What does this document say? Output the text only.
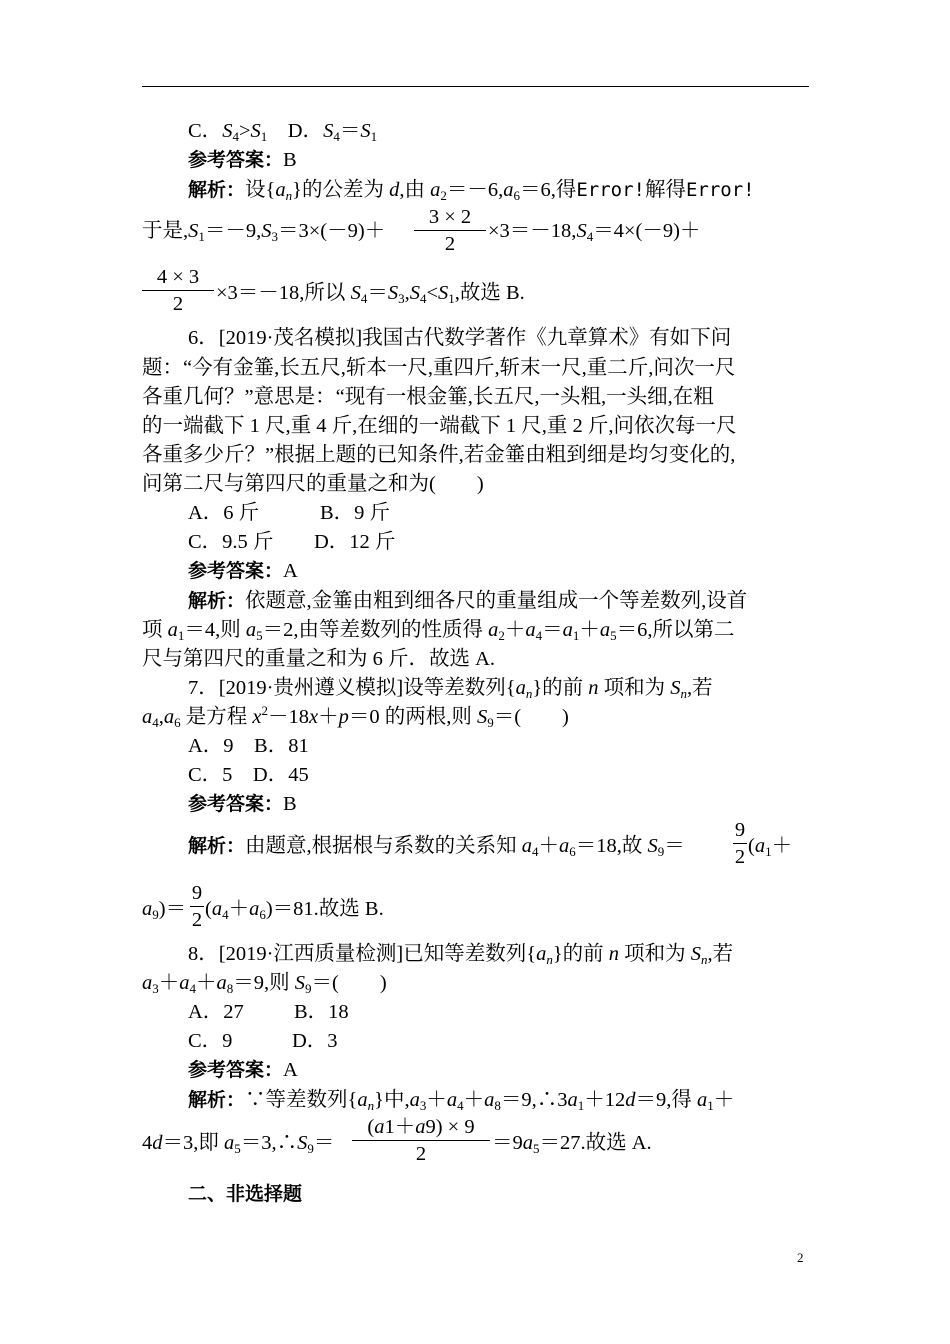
C．$S_4>S_1$　D．$S_4=S_1$
参考答案：B
解析：设$\{a_n\}$的公差为 d,由 $a_2=-6,a_6=6$,得Error!解得Error!
于是$,S_1=-9,S_3=3\times(-9)+$
3 × 2
2
$\times 3=-18,S_4=4\times(-9)+$
4 × 3
2	×3＝－18,所以 $S_4=S_3,S_4<S_1$,故选 B.
6．[2019·茂名模拟]我国古代数学著作《九章算术》有如下问
题：“今有金箠,长五尺,斩本一尺,重四斤,斩末一尺,重二斤,问次一尺
各重几何？”意思是：“现有一根金箠,长五尺,一头粗,一头细,在粗
的一端截下 1 尺,重 4 斤,在细的一端截下 1 尺,重 2 斤,问依次每一尺
各重多少斤？”根据上题的已知条件,若金箠由粗到细是均匀变化的,
问第二尺与第四尺的重量之和为(　　)
A．6 斤	B．9 斤
C．9.5 斤 D．12 斤
参考答案：A
解析：依题意,金箠由粗到细各尺的重量组成一个等差数列,设首
项 $a_1=4$,则 $a_5=2$,由等差数列的性质得 $a_2+a_4=a_1+a_5=6$,所以第二
尺与第四尺的重量之和为 6 斤．故选 A.
7．[2019·贵州遵义模拟]设等差数列$\{a_n\}$的前 n 项和为 $S_n$,若
$a_4,a_6$ 是方程 $x^2-18x+p=0$ 的两根,则 $S_9=$(　　)
A．9　B．81
C．5　D．45
参考答案：B
解析：由题意,根据根与系数的关系知 $a_4+a_6=18$,故 $S_9=$
9
2 ($a_1+$
$a_9)=$
9
2 $(a_4+a_6)=81$.故选 B.
8．[2019·江西质量检测]已知等差数列$\{a_n\}$的前 n 项和为 $S_n$,若
$a_3+a_4+a_8=9$,则 $S_9=$(　　)
A．27 B．18
C．9	D．3
参考答案：A
解析：∵等差数列$\{a_n\}$中$,a_3+a_4+a_8=9,\therefore 3a_1+12d=9$,得 $a_1+$
4d＝3,即 $a_5=3,\therefore S_9=$
(a1＋a9) × 9
2	$=9a_5=27$.故选 A.
二、非选择题
2
